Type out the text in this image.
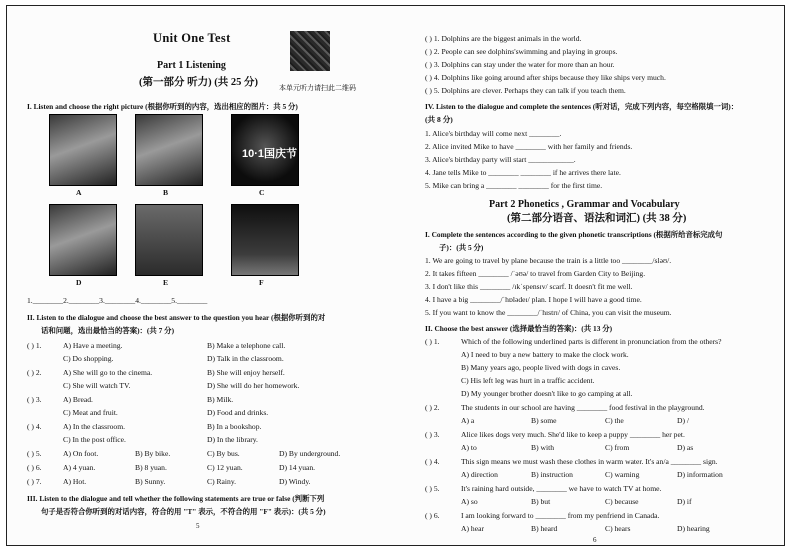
Unit One Test
Part 1 Listening
(第一部分 听力) (共 25 分)	本单元听力请扫此二维码
I. Listen and choose the right picture (根据你听到的内容，选出相应的图片：共 5 分)
10·1国庆节
A	B	C
D	E	F
1.________2.________3.________4.________5.________
II. Listen to the dialogue and choose the best answer to the question you hear (根据你听到的对
话和问题，选出最恰当的答案)：(共 7 分)
( ) 1.	A) Have a meeting.	B) Make a telephone call.
C) Do shopping.	D) Talk in the classroom.
( ) 2.	A) She will go to the cinema.	B) She will enjoy herself.
C) She will watch TV.	D) She will do her homework.
( ) 3.	A) Bread.	B) Milk.
C) Meat and fruit.	D) Food and drinks.
( ) 4.	A) In the classroom.	B) In a bookshop.
C) In the post office.	D) In the library.
( ) 5.	A) On foot.	B) By bike.	C) By bus.	D) By underground.
( ) 6.	A) 4 yuan.	B) 8 yuan.	C) 12 yuan.	D) 14 yuan.
( ) 7.	A) Hot.	B) Sunny.	C) Rainy.	D) Windy.
III. Listen to the dialogue and tell whether the following statements are true or false (判断下列
句子是否符合你听到的对话内容，符合的用 "T" 表示，不符合的用 "F" 表示)：(共 5 分)
5
( ) 1. Dolphins are the biggest animals in the world.
( ) 2. People can see dolphins'swimming and playing in groups.
( ) 3. Dolphins can stay under the water for more than an hour.
( ) 4. Dolphins like going around after ships because they like ships very much.
( ) 5. Dolphins are clever. Perhaps they can talk if you teach them.
IV. Listen to the dialogue and complete the sentences (听对话，完成下列内容，每空格限填一词)：
(共 8 分)
1. Alice's birthday will come next ________.
2. Alice invited Mike to have ________ with her family and friends.
3. Alice's birthday party will start ____________.
4. Jane tells Mike to ________ ________ if he arrives there late.
5. Mike can bring a ________ ________ for the first time.
Part 2 Phonetics , Grammar and Vocabulary
(第二部分语音、语法和词汇) (共 38 分)
I. Complete the sentences according to the given phonetic transcriptions (根据所给音标完成句
子)：(共 5 分)
1. We are going to travel by plane because the train is a little too ________/sləʊ/.
2. It takes fifteen ________ /ˈəʊə/ to travel from Garden City to Beijing.
3. I don't like this ________ /ɪkˈspensɪv/ scarf. It doesn't fit me well.
4. I have a big ________/ˈhɒlədeɪ/ plan. I hope I will have a good time.
5. If you want to know the ________/ˈhɪstrɪ/ of China, you can visit the museum.
II. Choose the best answer (选择最恰当的答案)：(共 13 分)
( ) 1.	Which of the following underlined parts is different in pronunciation from the others?
A) I need to buy a new battery to make the clock work.
B) Many years ago, people lived with dogs in caves.
C) His left leg was hurt in a traffic accident.
D) My younger brother doesn't like to go camping at all.
( ) 2.	The students in our school are having ________ food festival in the playground.
A) a	B) some	C) the	D) /
( ) 3.	Alice likes dogs very much. She'd like to keep a puppy ________ her pet.
A) to	B) with	C) from	D) as
( ) 4.	This sign means we must wash these clothes in warm water. It's an/a ________ sign.
A) direction	B) instruction	C) warning	D) information
( ) 5.	It's raining hard outside, ________ we have to watch TV at home.
A) so	B) but	C) because	D) if
( ) 6.	I am looking forward to ________ from my penfriend in Canada.
A) hear	B) heard	C) hears	D) hearing
6
